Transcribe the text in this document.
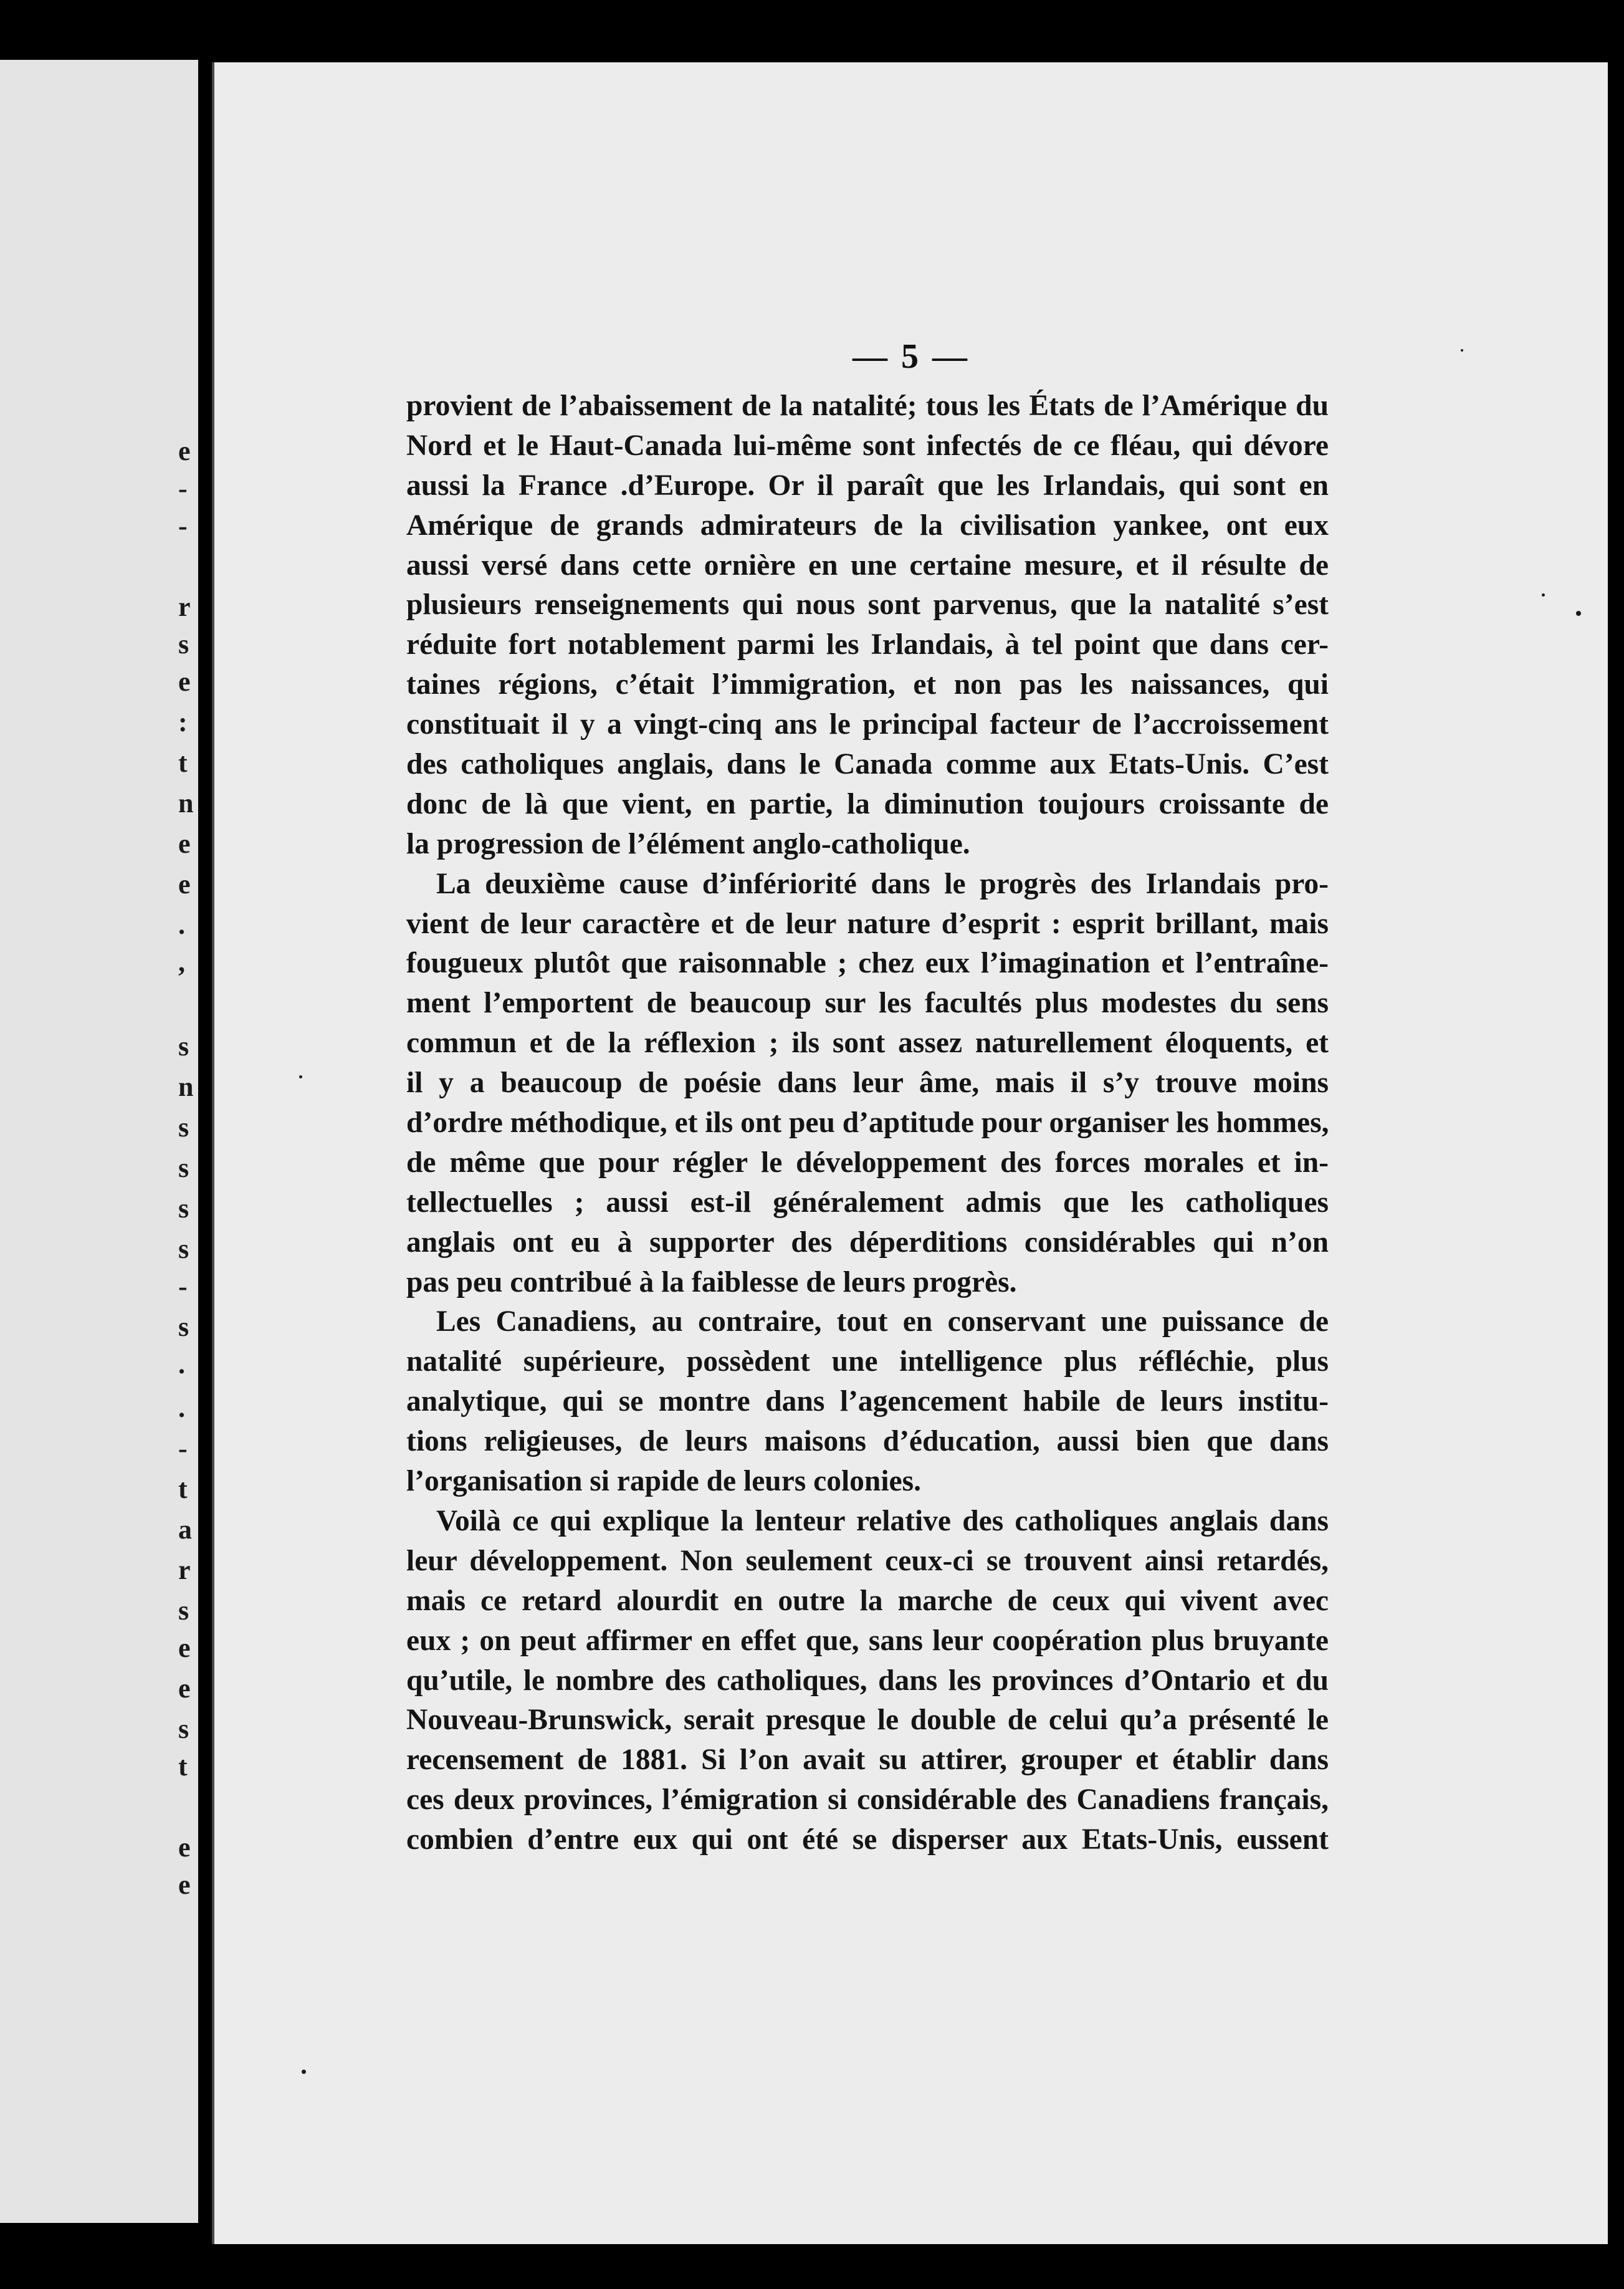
e
-
-
r
s
e
:
t
n
e
e
.
,
s
n
s
s
s
s
-
s
.
.
-
t
a
r
s
e
e
s
t
e
e
— 5 —
provient de l’abaissement de la natalité; tous les États de l’Amérique du
Nord et le Haut-Canada lui-même sont infectés de ce fléau, qui dévore
aussi la France .d’Europe. Or il paraît que les Irlandais, qui sont en
Amérique de grands admirateurs de la civilisation yankee, ont eux
aussi versé dans cette ornière en une certaine mesure, et il résulte de
plusieurs renseignements qui nous sont parvenus, que la natalité s’est
réduite fort notablement parmi les Irlandais, à tel point que dans cer-
taines régions, c’était l’immigration, et non pas les naissances, qui
constituait il y a vingt-cinq ans le principal facteur de l’accroissement
des catholiques anglais, dans le Canada comme aux Etats-Unis. C’est
donc de là que vient, en partie, la diminution toujours croissante de
la progression de l’élément anglo-catholique.
La deuxième cause d’infériorité dans le progrès des Irlandais pro-
vient de leur caractère et de leur nature d’esprit : esprit brillant, mais
fougueux plutôt que raisonnable ; chez eux l’imagination et l’entraîne-
ment l’emportent de beaucoup sur les facultés plus modestes du sens
commun et de la réflexion ; ils sont assez naturellement éloquents, et
il y a beaucoup de poésie dans leur âme, mais il s’y trouve moins
d’ordre méthodique, et ils ont peu d’aptitude pour organiser les hommes,
de même que pour régler le développement des forces morales et in-
tellectuelles ; aussi est-il généralement admis que les catholiques
anglais ont eu à supporter des déperditions considérables qui n’on
pas peu contribué à la faiblesse de leurs progrès.
Les Canadiens, au contraire, tout en conservant une puissance de
natalité supérieure, possèdent une intelligence plus réfléchie, plus
analytique, qui se montre dans l’agencement habile de leurs institu-
tions religieuses, de leurs maisons d’éducation, aussi bien que dans
l’organisation si rapide de leurs colonies.
Voilà ce qui explique la lenteur relative des catholiques anglais dans
leur développement. Non seulement ceux-ci se trouvent ainsi retardés,
mais ce retard alourdit en outre la marche de ceux qui vivent avec
eux ; on peut affirmer en effet que, sans leur coopération plus bruyante
qu’utile, le nombre des catholiques, dans les provinces d’Ontario et du
Nouveau-Brunswick, serait presque le double de celui qu’a présenté le
recensement de 1881. Si l’on avait su attirer, grouper et établir dans
ces deux provinces, l’émigration si considérable des Canadiens français,
combien d’entre eux qui ont été se disperser aux Etats-Unis, eussent
